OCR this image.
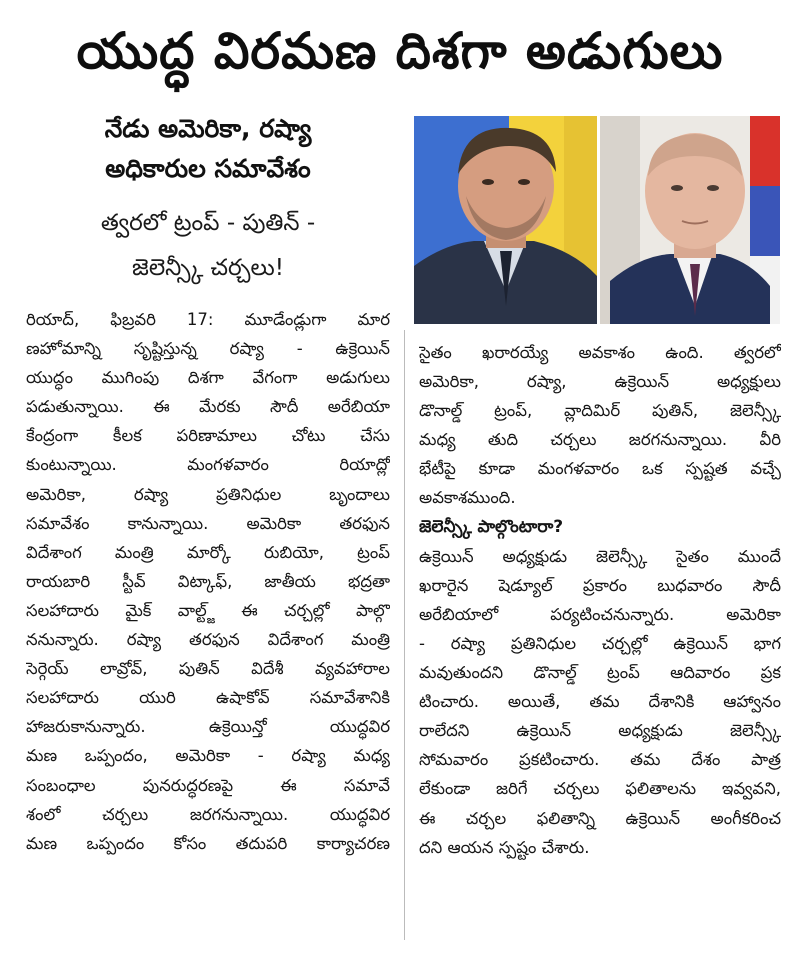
యుద్ధ విరమణ దిశగా అడుగులు
నేడు అమెరికా, రష్యా
అధికారుల సమావేశం
త్వరలో ట్రంప్ - పుతిన్ -
జెలెన్స్కీ చర్చలు!
రియాద్, ఫిబ్రవరి 17: మూడేండ్లుగా మార
ణహోమాన్ని సృష్టిస్తున్న రష్యా - ఉక్రెయిన్
యుద్ధం ముగింపు దిశగా వేగంగా అడుగులు
పడుతున్నాయి. ఈ మేరకు సౌదీ అరేబియా
కేంద్రంగా కీలక పరిణామాలు చోటు చేసు
కుంటున్నాయి. మంగళవారం రియాద్లో
అమెరికా, రష్యా ప్రతినిధుల బృందాలు
సమావేశం కానున్నాయి. అమెరికా తరఫున
విదేశాంగ మంత్రి మార్కో రుబియో, ట్రంప్
రాయబారి స్టీవ్ విట్కాఫ్, జాతీయ భద్రతా
సలహాదారు మైక్ వాల్ట్జ్ ఈ చర్చల్లో పాల్గొ
ననున్నారు. రష్యా తరఫున విదేశాంగ మంత్రి
సెర్గెయ్ లావ్రోవ్, పుతిన్ విదేశీ వ్యవహారాల
సలహాదారు యురి ఉషాకోవ్ సమావేశానికి
హాజరుకానున్నారు. ఉక్రెయిన్తో యుద్ధవిర
మణ ఒప్పందం, అమెరికా - రష్యా మధ్య
సంబంధాల పునరుద్ధరణపై ఈ సమావే
శంలో చర్చలు జరగనున్నాయి. యుద్ధవిర
మణ ఒప్పందం కోసం తదుపరి కార్యాచరణ
సైతం ఖరారయ్యే అవకాశం ఉంది. త్వరలో
అమెరికా, రష్యా, ఉక్రెయిన్ అధ్యక్షులు
డొనాల్డ్ ట్రంప్, వ్లాదిమిర్ పుతిన్, జెలెన్స్కీ
మధ్య తుది చర్చలు జరగనున్నాయి. వీరి
భేటీపై కూడా మంగళవారం ఒక స్పష్టత వచ్చే
అవకాశముంది.
జెలెన్స్కీ పాల్గొంటారా?
ఉక్రెయిన్ అధ్యక్షుడు జెలెన్స్కీ సైతం ముందే
ఖరారైన షెడ్యూల్ ప్రకారం బుధవారం సౌదీ
అరేబియాలో పర్యటించనున్నారు. అమెరికా
- రష్యా ప్రతినిధుల చర్చల్లో ఉక్రెయిన్ భాగ
మవుతుందని డొనాల్డ్ ట్రంప్ ఆదివారం ప్రక
టించారు. అయితే, తమ దేశానికి ఆహ్వానం
రాలేదని ఉక్రెయిన్ అధ్యక్షుడు జెలెన్స్కీ
సోమవారం ప్రకటించారు. తమ దేశం పాత్ర
లేకుండా జరిగే చర్చలు ఫలితాలను ఇవ్వవని,
ఈ చర్చల ఫలితాన్ని ఉక్రెయిన్ అంగీకరించ
దని ఆయన స్పష్టం చేశారు.
